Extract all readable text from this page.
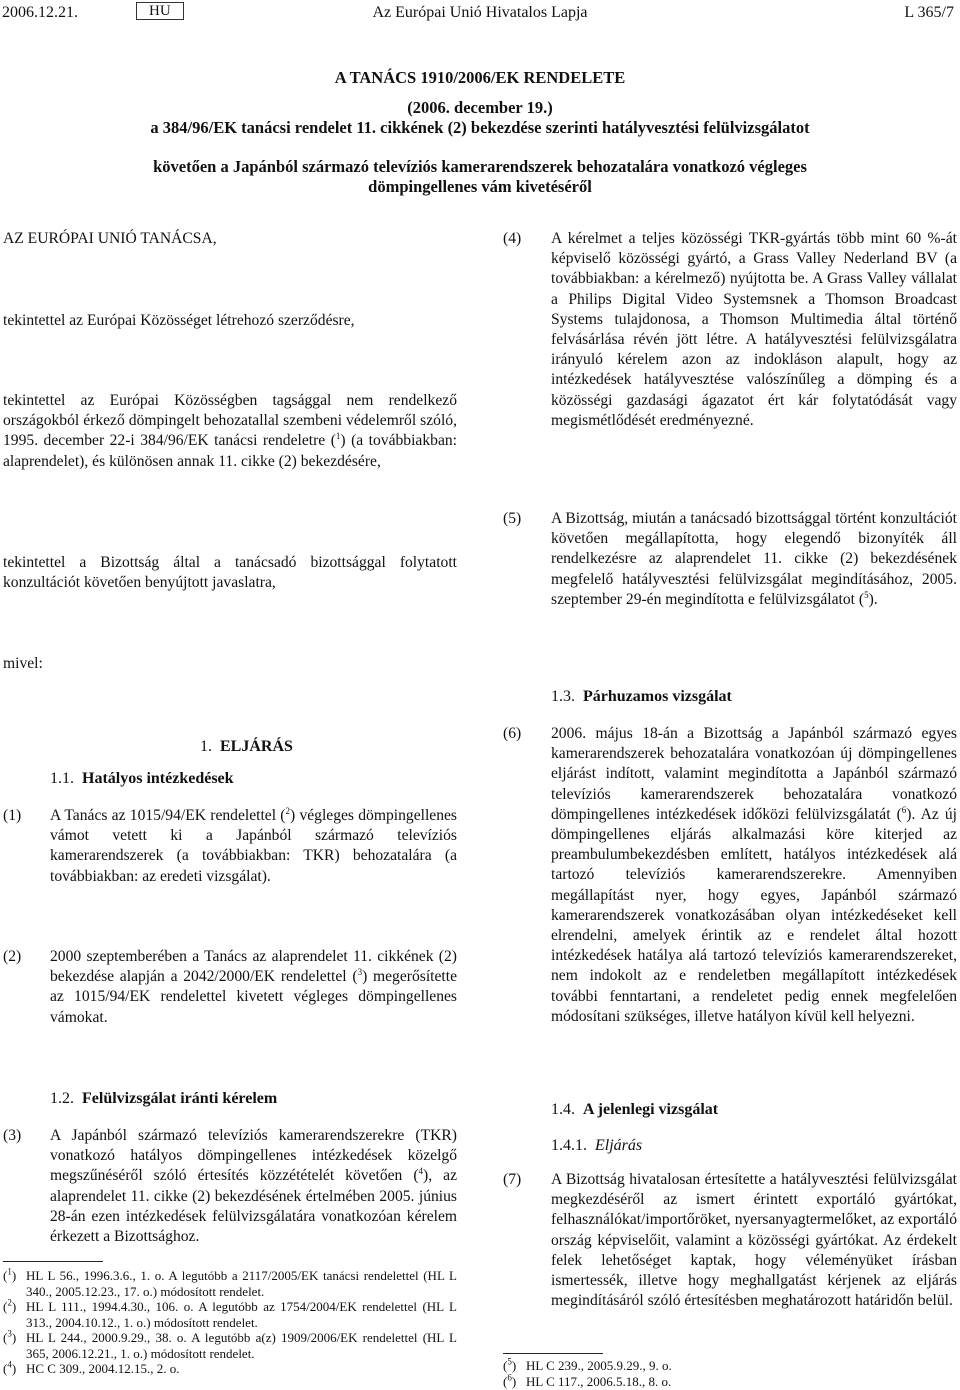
2006.12.21.	HU	Az Európai Unió Hivatalos Lapja	L 365/7
A TANÁCS 1910/2006/EK RENDELETE
(2006. december 19.)
a 384/96/EK tanácsi rendelet 11. cikkének (2) bekezdése szerinti hatályvesztési felülvizsgálatot
követően a Japánból származó televíziós kamerarendszerek behozatalára vonatkozó végleges
dömpingellenes vám kivetéséről
AZ EURÓPAI UNIÓ TANÁCSA,
tekintettel az Európai Közösséget létrehozó szerződésre,
tekintettel az Európai Közösségben tagsággal nem rendelkező országokból érkező dömpingelt behozatallal szembeni védelemről szóló, 1995. december 22-i 384/96/EK tanácsi rendeletre ($^1$) (a továbbiakban: alaprendelet), és különösen annak 11. cikke (2) bekezdésére,
tekintettel a Bizottság által a tanácsadó bizottsággal folytatott konzultációt követően benyújtott javaslatra,
mivel:
1. ELJÁRÁS
1.1. Hatályos intézkedések
(1) A Tanács az 1015/94/EK rendelettel ($^2$) végleges dömpingellenes vámot vetett ki a Japánból származó televíziós kamerarendszerek (a továbbiakban: TKR) behozatalára (a továbbiakban: az eredeti vizsgálat).
(2) 2000 szeptemberében a Tanács az alaprendelet 11. cikkének (2) bekezdése alapján a 2042/2000/EK rendelettel ($^3$) megerősítette az 1015/94/EK rendelettel kivetett végleges dömpingellenes vámokat.
1.2. Felülvizsgálat iránti kérelem
(3) A Japánból származó televíziós kamerarendszerekre (TKR) vonatkozó hatályos dömpingellenes intézkedések közelgő megszűnéséről szóló értesítés közzétételét követően ($^4$), az alaprendelet 11. cikke (2) bekezdésének értelmében 2005. június 28-án ezen intézkedések felülvizsgálatára vonatkozóan kérelem érkezett a Bizottsághoz.
($^1$) HL L 56., 1996.3.6., 1. o. A legutóbb a 2117/2005/EK tanácsi rendelettel (HL L 340., 2005.12.23., 17. o.) módosított rendelet.
($^2$) HL L 111., 1994.4.30., 106. o. A legutóbb az 1754/2004/EK rendelettel (HL L 313., 2004.10.12., 1. o.) módosított rendelet.
($^3$) HL L 244., 2000.9.29., 38. o. A legutóbb a(z) 1909/2006/EK rendelettel (HL L 365, 2006.12.21., 1. o.) módosított rendelet.
($^4$) HC C 309., 2004.12.15., 2. o.
(4) A kérelmet a teljes közösségi TKR-gyártás több mint 60 %-át képviselő közösségi gyártó, a Grass Valley Nederland BV (a továbbiakban: a kérelmező) nyújtotta be. A Grass Valley vállalat a Philips Digital Video Systemsnek a Thomson Broadcast Systems tulajdonosa, a Thomson Multimedia által történő felvásárlása révén jött létre. A hatályvesztési felülvizsgálatra irányuló kérelem azon az indokláson alapult, hogy az intézkedések hatályvesztése valószínűleg a dömping és a közösségi gazdasági ágazatot ért kár folytatódását vagy megismétlődését eredményezné.
(5) A Bizottság, miután a tanácsadó bizottsággal történt konzultációt követően megállapította, hogy elegendő bizonyíték áll rendelkezésre az alaprendelet 11. cikke (2) bekezdésének megfelelő hatályvesztési felülvizsgálat megindításához, 2005. szeptember 29-én megindította e felülvizsgálatot ($^5$).
1.3. Párhuzamos vizsgálat
(6) 2006. május 18-án a Bizottság a Japánból származó egyes kamerarendszerek behozatalára vonatkozóan új dömpingellenes eljárást indított, valamint megindította a Japánból származó televíziós kamerarendszerek behozatalára vonatkozó dömpingellenes intézkedések időközi felülvizsgálatát ($^6$). Az új dömpingellenes eljárás alkalmazási köre kiterjed az preambulumbekezdésben említett, hatályos intézkedések alá tartozó televíziós kamerarendszerekre. Amennyiben megállapítást nyer, hogy egyes, Japánból származó kamerarendszerek vonatkozásában olyan intézkedéseket kell elrendelni, amelyek érintik az e rendelet által hozott intézkedések hatálya alá tartozó televíziós kamerarendszereket, nem indokolt az e rendeletben megállapított intézkedések további fenntartani, a rendeletet pedig ennek megfelelően módosítani szükséges, illetve hatályon kívül kell helyezni.
1.4. A jelenlegi vizsgálat
1.4.1. Eljárás
(7) A Bizottság hivatalosan értesítette a hatályvesztési felülvizsgálat megkezdéséről az ismert érintett exportáló gyártókat, felhasználókat/importőröket, nyersanyagtermelőket, az exportáló ország képviselőit, valamint a közösségi gyártókat. Az érdekelt felek lehetőséget kaptak, hogy véleményüket írásban ismertessék, illetve hogy meghallgatást kérjenek az eljárás megindításáról szóló értesítésben meghatározott határidőn belül.
($^5$) HL C 239., 2005.9.29., 9. o.
($^6$) HL C 117., 2006.5.18., 8. o.
